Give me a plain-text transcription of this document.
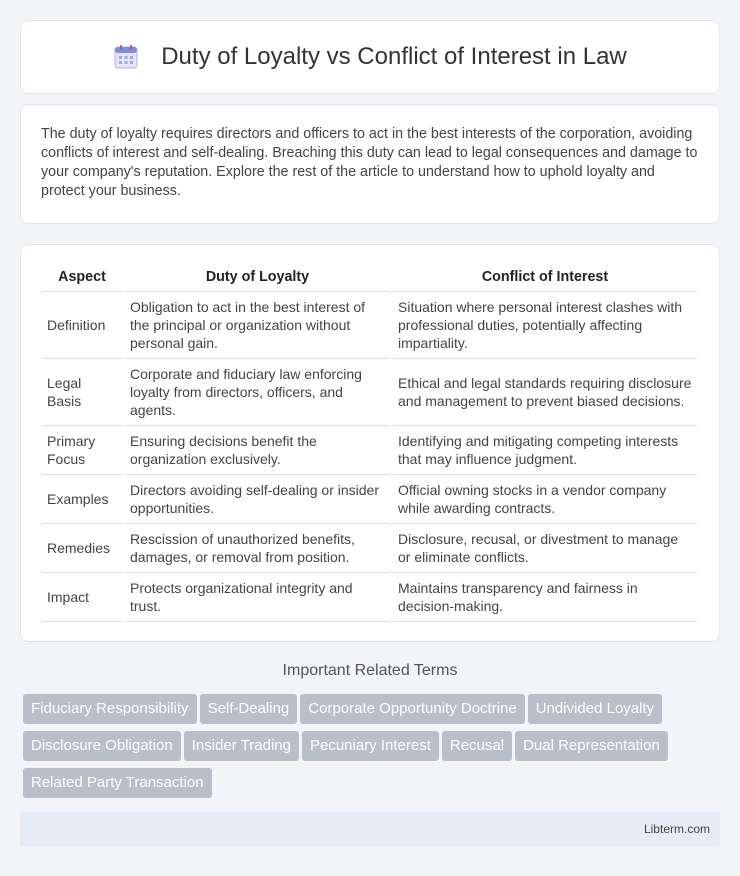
Duty of Loyalty vs Conflict of Interest in Law
The duty of loyalty requires directors and officers to act in the best interests of the corporation, avoiding conflicts of interest and self-dealing. Breaching this duty can lead to legal consequences and damage to your company's reputation. Explore the rest of the article to understand how to uphold loyalty and protect your business.
Aspect	Duty of Loyalty	Conflict of Interest
Definition	Obligation to act in the best interest of the principal or organization without personal gain.	Situation where personal interest clashes with professional duties, potentially affecting impartiality.
Legal Basis	Corporate and fiduciary law enforcing loyalty from directors, officers, and agents.	Ethical and legal standards requiring disclosure and management to prevent biased decisions.
Primary Focus	Ensuring decisions benefit the organization exclusively.	Identifying and mitigating competing interests that may influence judgment.
Examples	Directors avoiding self-dealing or insider opportunities.	Official owning stocks in a vendor company while awarding contracts.
Remedies	Rescission of unauthorized benefits, damages, or removal from position.	Disclosure, recusal, or divestment to manage or eliminate conflicts.
Impact	Protects organizational integrity and trust.	Maintains transparency and fairness in decision-making.
Important Related Terms
Fiduciary Responsibility Self-Dealing Corporate Opportunity Doctrine Undivided Loyalty
Disclosure Obligation Insider Trading Pecuniary Interest Recusal Dual Representation
Related Party Transaction
Libterm.com
